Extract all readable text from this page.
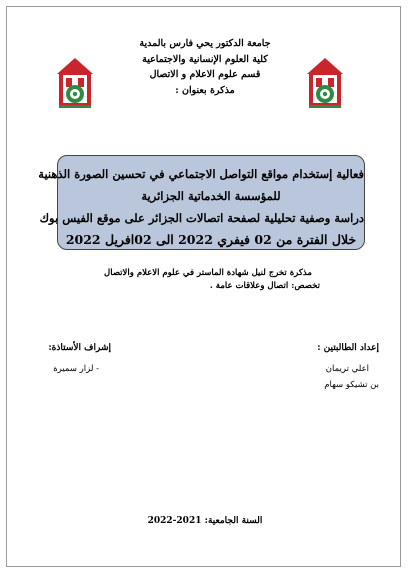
جامعة الدكتور يحي فارس بالمدية
كلية العلوم الإنسانية والاجتماعية
قسم علوم الاعلام و الاتصال
مذكرة بعنوان :
فعالية إستخدام مواقع التواصل الاجتماعي في تحسين الصورة الذهنية
للمؤسسة الخدماتية الجزائرية
دراسة وصفية تحليلية لصفحة اتصالات الجزائر على موقع الفيس بوك
خلال الفترة من 02 فيفري 2022 الى 02افريل 2022
مذكرة تخرج لنيل شهادة الماستر في علوم الاعلام والاتصال
تخصص: اتصال وعلاقات عامة .
إعداد الطالبتين :
إشراف الأستاذة:
اعلي تريمان
بن تشيكو سهام
- لزار سميرة
السنة الجامعية: 2021-2022
